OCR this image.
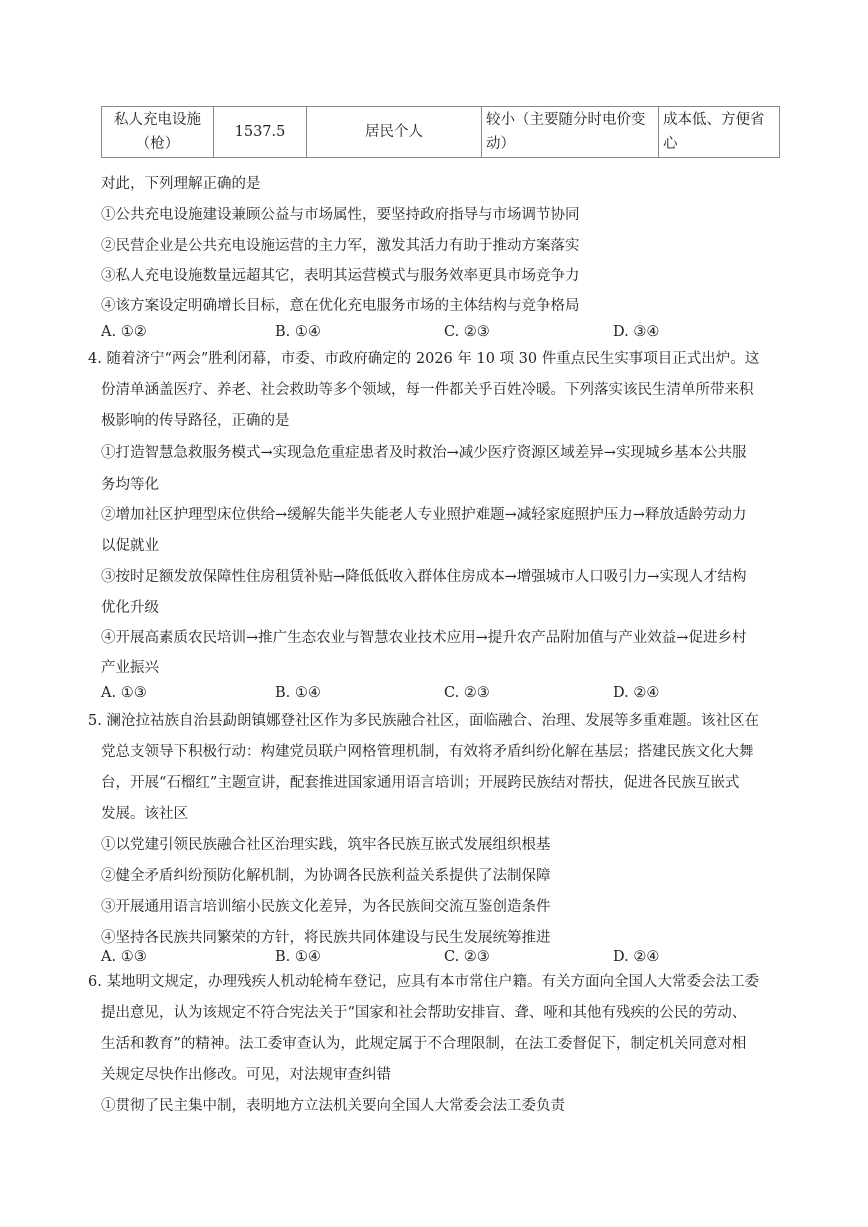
私人充电设施（枪）	1537.5	居民个人	较小（主要随分时电价变动）	成本低、方便省心
对此，下列理解正确的是
①公共充电设施建设兼顾公益与市场属性，要坚持政府指导与市场调节协同
②民营企业是公共充电设施运营的主力军，激发其活力有助于推动方案落实
③私人充电设施数量远超其它，表明其运营模式与服务效率更具市场竞争力
④该方案设定明确增长目标，意在优化充电服务市场的主体结构与竞争格局
A. ①②	B. ①④	C. ②③	D. ③④
4. 随着济宁“两会”胜利闭幕，市委、市政府确定的 2026 年 10 项 30 件重点民生实事项目正式出炉。这
份清单涵盖医疗、养老、社会救助等多个领域，每一件都关乎百姓冷暖。下列落实该民生清单所带来积
极影响的传导路径，正确的是
①打造智慧急救服务模式→实现急危重症患者及时救治→减少医疗资源区域差异→实现城乡基本公共服
务均等化
②增加社区护理型床位供给→缓解失能半失能老人专业照护难题→减轻家庭照护压力→释放适龄劳动力
以促就业
③按时足额发放保障性住房租赁补贴→降低低收入群体住房成本→增强城市人口吸引力→实现人才结构
优化升级
④开展高素质农民培训→推广生态农业与智慧农业技术应用→提升农产品附加值与产业效益→促进乡村
产业振兴
A. ①③	B. ①④	C. ②③	D. ②④
5. 澜沧拉祜族自治县勐朗镇娜登社区作为多民族融合社区，面临融合、治理、发展等多重难题。该社区在
党总支领导下积极行动：构建党员联户网格管理机制，有效将矛盾纠纷化解在基层；搭建民族文化大舞
台，开展“石榴红”主题宣讲，配套推进国家通用语言培训；开展跨民族结对帮扶，促进各民族互嵌式
发展。该社区
①以党建引领民族融合社区治理实践，筑牢各民族互嵌式发展组织根基
②健全矛盾纠纷预防化解机制，为协调各民族利益关系提供了法制保障
③开展通用语言培训缩小民族文化差异，为各民族间交流互鉴创造条件
④坚持各民族共同繁荣的方针，将民族共同体建设与民生发展统筹推进
A. ①③	B. ①④	C. ②③	D. ②④
6. 某地明文规定，办理残疾人机动轮椅车登记，应具有本市常住户籍。有关方面向全国人大常委会法工委
提出意见，认为该规定不符合宪法关于“国家和社会帮助安排盲、聋、哑和其他有残疾的公民的劳动、
生活和教育”的精神。法工委审查认为，此规定属于不合理限制，在法工委督促下，制定机关同意对相
关规定尽快作出修改。可见，对法规审查纠错
①贯彻了民主集中制，表明地方立法机关要向全国人大常委会法工委负责
